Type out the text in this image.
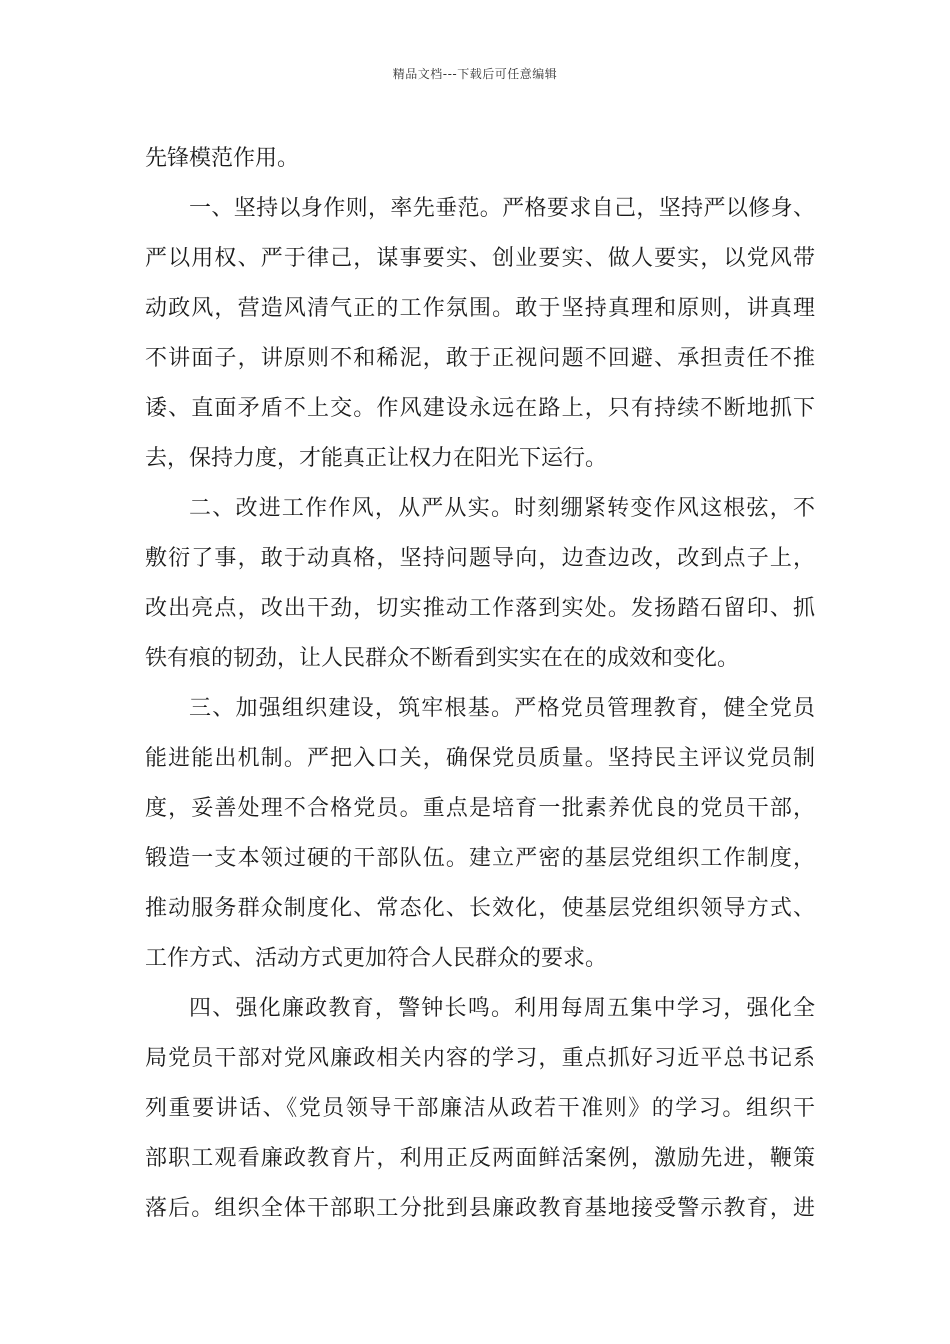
精品文档---下载后可任意编辑
先锋模范作用。
一、坚持以身作则，率先垂范。严格要求自己，坚持严以修身、
严以用权、严于律己，谋事要实、创业要实、做人要实，以党风带
动政风，营造风清气正的工作氛围。敢于坚持真理和原则，讲真理
不讲面子，讲原则不和稀泥，敢于正视问题不回避、承担责任不推
诿、直面矛盾不上交。作风建设永远在路上，只有持续不断地抓下
去，保持力度，才能真正让权力在阳光下运行。
二、改进工作作风，从严从实。时刻绷紧转变作风这根弦，不
敷衍了事，敢于动真格，坚持问题导向，边查边改，改到点子上，
改出亮点，改出干劲，切实推动工作落到实处。发扬踏石留印、抓
铁有痕的韧劲，让人民群众不断看到实实在在的成效和变化。
三、加强组织建设，筑牢根基。严格党员管理教育，健全党员
能进能出机制。严把入口关，确保党员质量。坚持民主评议党员制
度，妥善处理不合格党员。重点是培育一批素养优良的党员干部，
锻造一支本领过硬的干部队伍。建立严密的基层党组织工作制度，
推动服务群众制度化、常态化、长效化，使基层党组织领导方式、
工作方式、活动方式更加符合人民群众的要求。
四、强化廉政教育，警钟长鸣。利用每周五集中学习，强化全
局党员干部对党风廉政相关内容的学习，重点抓好习近平总书记系
列重要讲话、《党员领导干部廉洁从政若干准则》的学习。组织干
部职工观看廉政教育片，利用正反两面鲜活案例，激励先进，鞭策
落后。组织全体干部职工分批到县廉政教育基地接受警示教育，进
